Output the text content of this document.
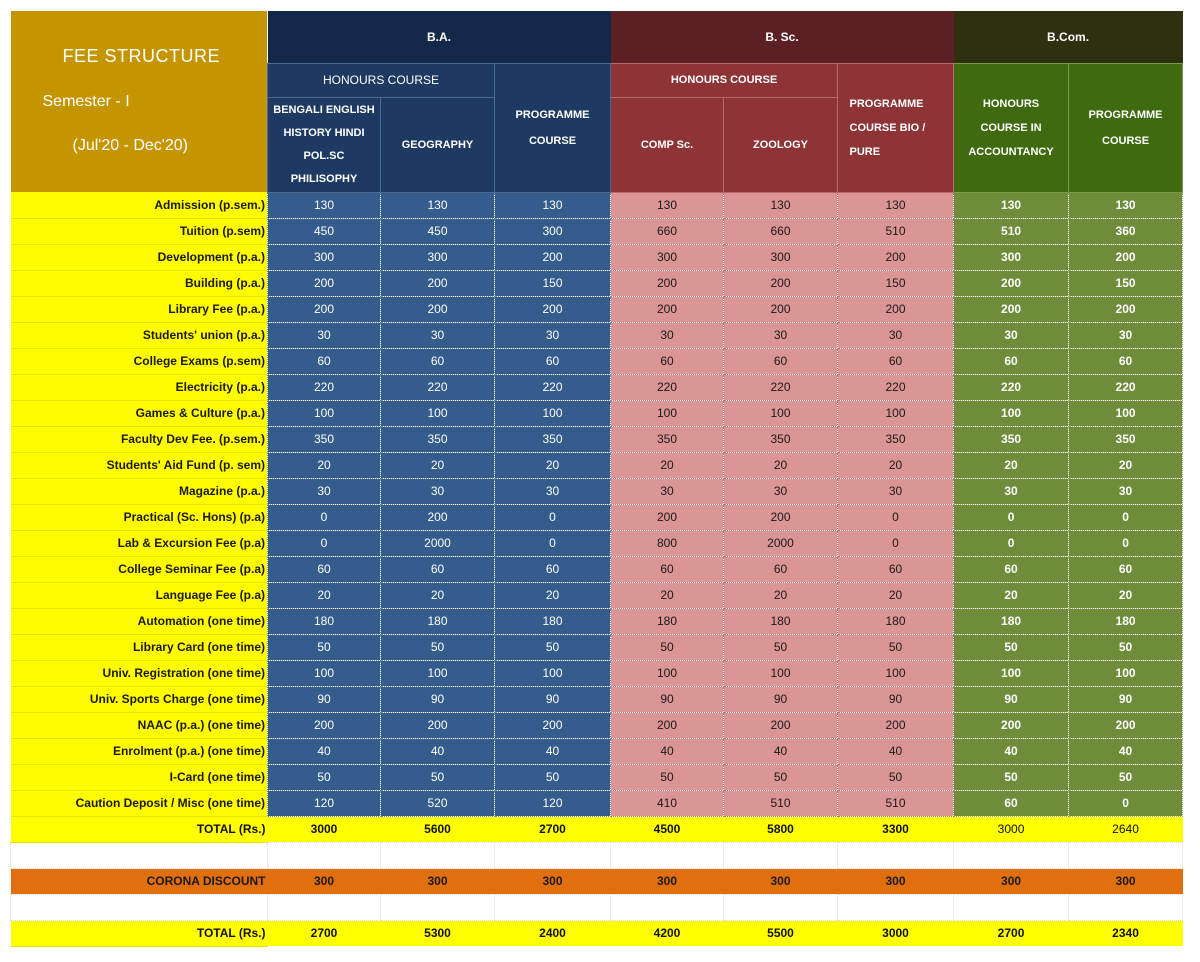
FEE STRUCTURE
Semester - I
(Jul'20 - Dec'20)	B.A.			B. Sc.			B.Com.	
	HONOURS COURSE		PROGRAMME COURSE	HONOURS COURSE		PROGRAMME COURSE BIO / PURE	HONOURS COURSE IN ACCOUNTANCY	PROGRAMME COURSE

	BENGALI ENGLISH HISTORY HINDI POL.SC PHILISOPHY	GEOGRAPHY		COMP Sc.	ZOOLOGY			
Admission (p.sem.)	130	130	130	130	130	130	130	130
Tuition (p.sem)	450	450	300	660	660	510	510	360
Development (p.a.)	300	300	200	300	300	200	300	200
Building (p.a.)	200	200	150	200	200	150	200	150
Library Fee (p.a.)	200	200	200	200	200	200	200	200
Students' union (p.a.)	30	30	30	30	30	30	30	30
College Exams (p.sem)	60	60	60	60	60	60	60	60
Electricity (p.a.)	220	220	220	220	220	220	220	220
Games & Culture (p.a.)	100	100	100	100	100	100	100	100
Faculty Dev Fee. (p.sem.)	350	350	350	350	350	350	350	350
Students' Aid Fund (p. sem)	20	20	20	20	20	20	20	20
Magazine (p.a.)	30	30	30	30	30	30	30	30
Practical (Sc. Hons) (p.a)	0	200	0	200	200	0	0	0
Lab & Excursion Fee (p.a)	0	2000	0	800	2000	0	0	0
College Seminar Fee (p.a)	60	60	60	60	60	60	60	60
Language Fee (p.a)	20	20	20	20	20	20	20	20
Automation (one time)	180	180	180	180	180	180	180	180
Library Card (one time)	50	50	50	50	50	50	50	50
Univ. Registration (one time)	100	100	100	100	100	100	100	100
Univ. Sports Charge (one time)	90	90	90	90	90	90	90	90
NAAC (p.a.) (one time)	200	200	200	200	200	200	200	200
Enrolment (p.a.) (one time)	40	40	40	40	40	40	40	40
I-Card (one time)	50	50	50	50	50	50	50	50
Caution Deposit / Misc (one time)	120	520	120	410	510	510	60	0
TOTAL (Rs.)	3000	5600	2700	4500	5800	3300	3000	2640

CORONA DISCOUNT	300	300	300	300	300	300	300	300

TOTAL (Rs.)	2700	5300	2400	4200	5500	3000	2700	2340
